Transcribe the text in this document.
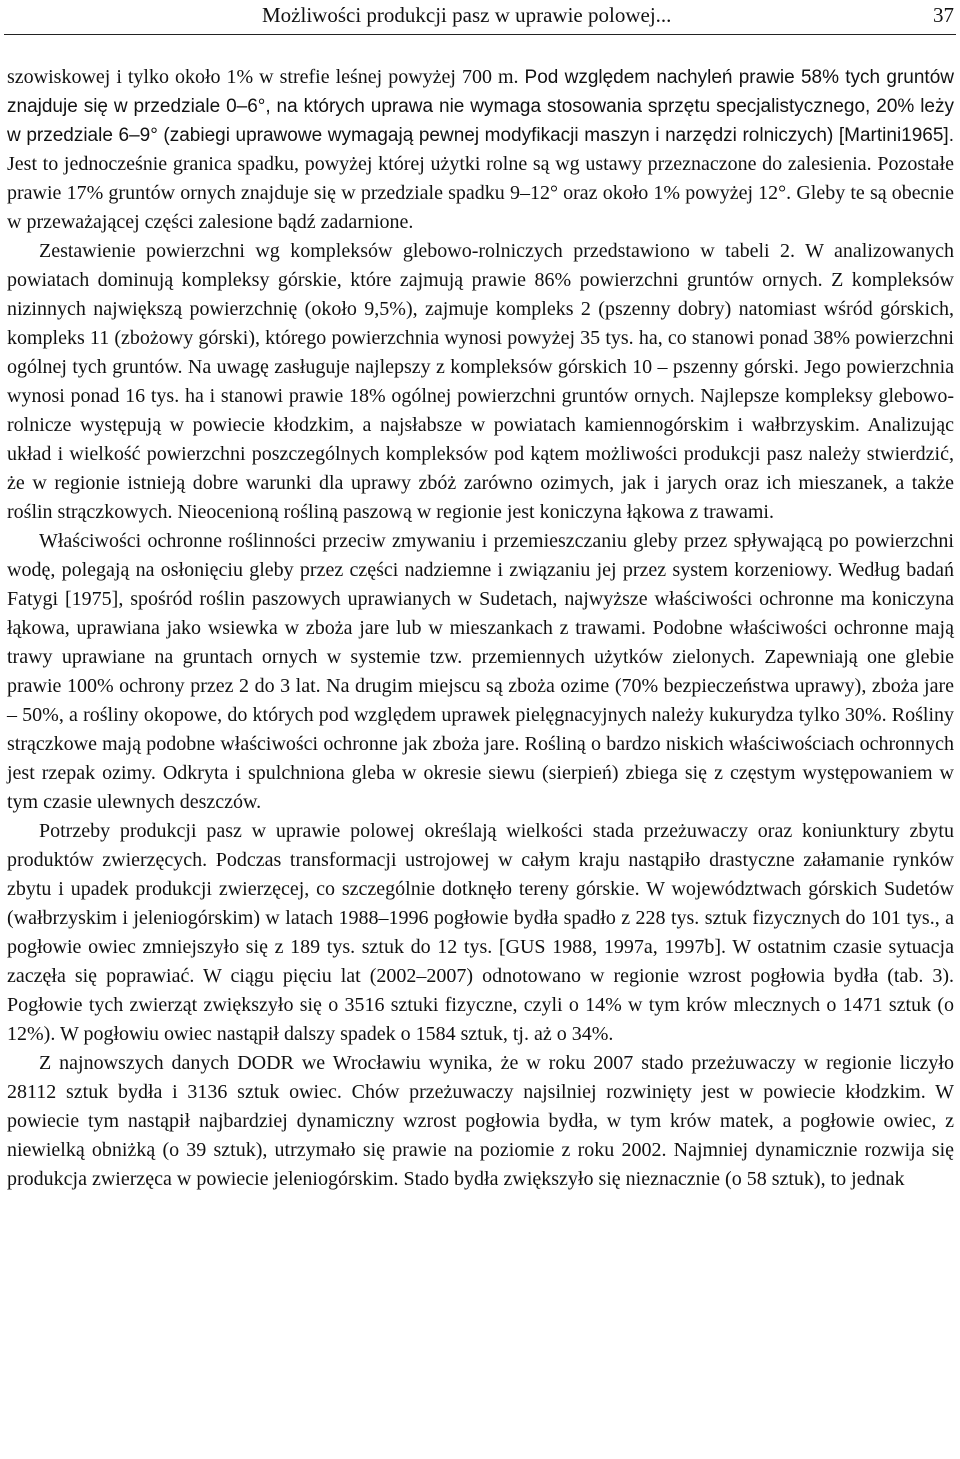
Możliwości produkcji pasz w uprawie polowej...	37

szowiskowej i tylko około 1% w strefie leśnej powyżej 700 m. Pod względem nachyleń prawie 58% tych gruntów znajduje się w przedziale 0–6°, na których uprawa nie wymaga stosowania sprzętu specjalistycznego, 20% leży w przedziale 6–9° (zabiegi uprawowe wymagają pewnej modyfikacji maszyn i narzędzi rolniczych) [Martini1965]. Jest to jednocześnie granica spadku, powyżej której użytki rolne są wg ustawy przeznaczone do zalesienia. Pozostałe prawie 17% gruntów ornych znajduje się w przedziale spadku 9–12° oraz około 1% powyżej 12°. Gleby te są obecnie w przeważającej części zalesione bądź zadarnione.

Zestawienie powierzchni wg kompleksów glebowo-rolniczych przedstawiono w tabeli 2. W analizowanych powiatach dominują kompleksy górskie, które zajmują prawie 86% powierzchni gruntów ornych. Z kompleksów nizinnych największą powierzchnię (około 9,5%), zajmuje kompleks 2 (pszenny dobry) natomiast wśród górskich, kompleks 11 (zbożowy górski), którego powierzchnia wynosi powyżej 35 tys. ha, co stanowi ponad 38% powierzchni ogólnej tych gruntów. Na uwagę zasługuje najlepszy z kompleksów górskich 10 – pszenny górski. Jego powierzchnia wynosi ponad 16 tys. ha i stanowi prawie 18% ogólnej powierzchni gruntów ornych. Najlepsze kompleksy glebowo-rolnicze występują w powiecie kłodzkim, a najsłabsze w powiatach kamiennogórskim i wałbrzyskim. Analizując układ i wielkość powierzchni poszczególnych kompleksów pod kątem możliwości produkcji pasz należy stwierdzić, że w regionie istnieją dobre warunki dla uprawy zbóż zarówno ozimych, jak i jarych oraz ich mieszanek, a także roślin strączkowych. Nieocenioną rośliną paszową w regionie jest koniczyna łąkowa z trawami.

Właściwości ochronne roślinności przeciw zmywaniu i przemieszczaniu gleby przez spływającą po powierzchni wodę, polegają na osłonięciu gleby przez części nadziemne i związaniu jej przez system korzeniowy. Według badań Fatygi [1975], spośród roślin paszowych uprawianych w Sudetach, najwyższe właściwości ochronne ma koniczyna łąkowa, uprawiana jako wsiewka w zboża jare lub w mieszankach z trawami. Podobne właściwości ochronne mają trawy uprawiane na gruntach ornych w systemie tzw. przemiennych użytków zielonych. Zapewniają one glebie prawie 100% ochrony przez 2 do 3 lat. Na drugim miejscu są zboża ozime (70% bezpieczeństwa uprawy), zboża jare – 50%, a rośliny okopowe, do których pod względem uprawek pielęgnacyjnych należy kukurydza tylko 30%. Rośliny strączkowe mają podobne właściwości ochronne jak zboża jare. Rośliną o bardzo niskich właściwościach ochronnych jest rzepak ozimy. Odkryta i spulchniona gleba w okresie siewu (sierpień) zbiega się z częstym występowaniem w tym czasie ulewnych deszczów.

Potrzeby produkcji pasz w uprawie polowej określają wielkości stada przeżuwaczy oraz koniunktury zbytu produktów zwierzęcych. Podczas transformacji ustrojowej w całym kraju nastąpiło drastyczne załamanie rynków zbytu i upadek produkcji zwierzęcej, co szczególnie dotknęło tereny górskie. W województwach górskich Sudetów (wałbrzyskim i jeleniogórskim) w latach 1988–1996 pogłowie bydła spadło z 228 tys. sztuk fizycznych do 101 tys., a pogłowie owiec zmniejszyło się z 189 tys. sztuk do 12 tys. [GUS 1988, 1997a, 1997b]. W ostatnim czasie sytuacja zaczęła się poprawiać. W ciągu pięciu lat (2002–2007) odnotowano w regionie wzrost pogłowia bydła (tab. 3). Pogłowie tych zwierząt zwiększyło się o 3516 sztuki fizyczne, czyli o 14% w tym krów mlecznych o 1471 sztuk (o 12%). W pogłowiu owiec nastąpił dalszy spadek o 1584 sztuk, tj. aż o 34%.

Z najnowszych danych DODR we Wrocławiu wynika, że w roku 2007 stado przeżuwaczy w regionie liczyło 28112 sztuk bydła i 3136 sztuk owiec. Chów przeżuwaczy najsilniej rozwinięty jest w powiecie kłodzkim. W powiecie tym nastąpił najbardziej dynamiczny wzrost pogłowia bydła, w tym krów matek, a pogłowie owiec, z niewielką obniżką (o 39 sztuk), utrzymało się prawie na poziomie z roku 2002. Najmniej dynamicznie rozwija się produkcja zwierzęca w powiecie jeleniogórskim. Stado bydła zwiększyło się nieznacznie (o 58 sztuk), to jednak
